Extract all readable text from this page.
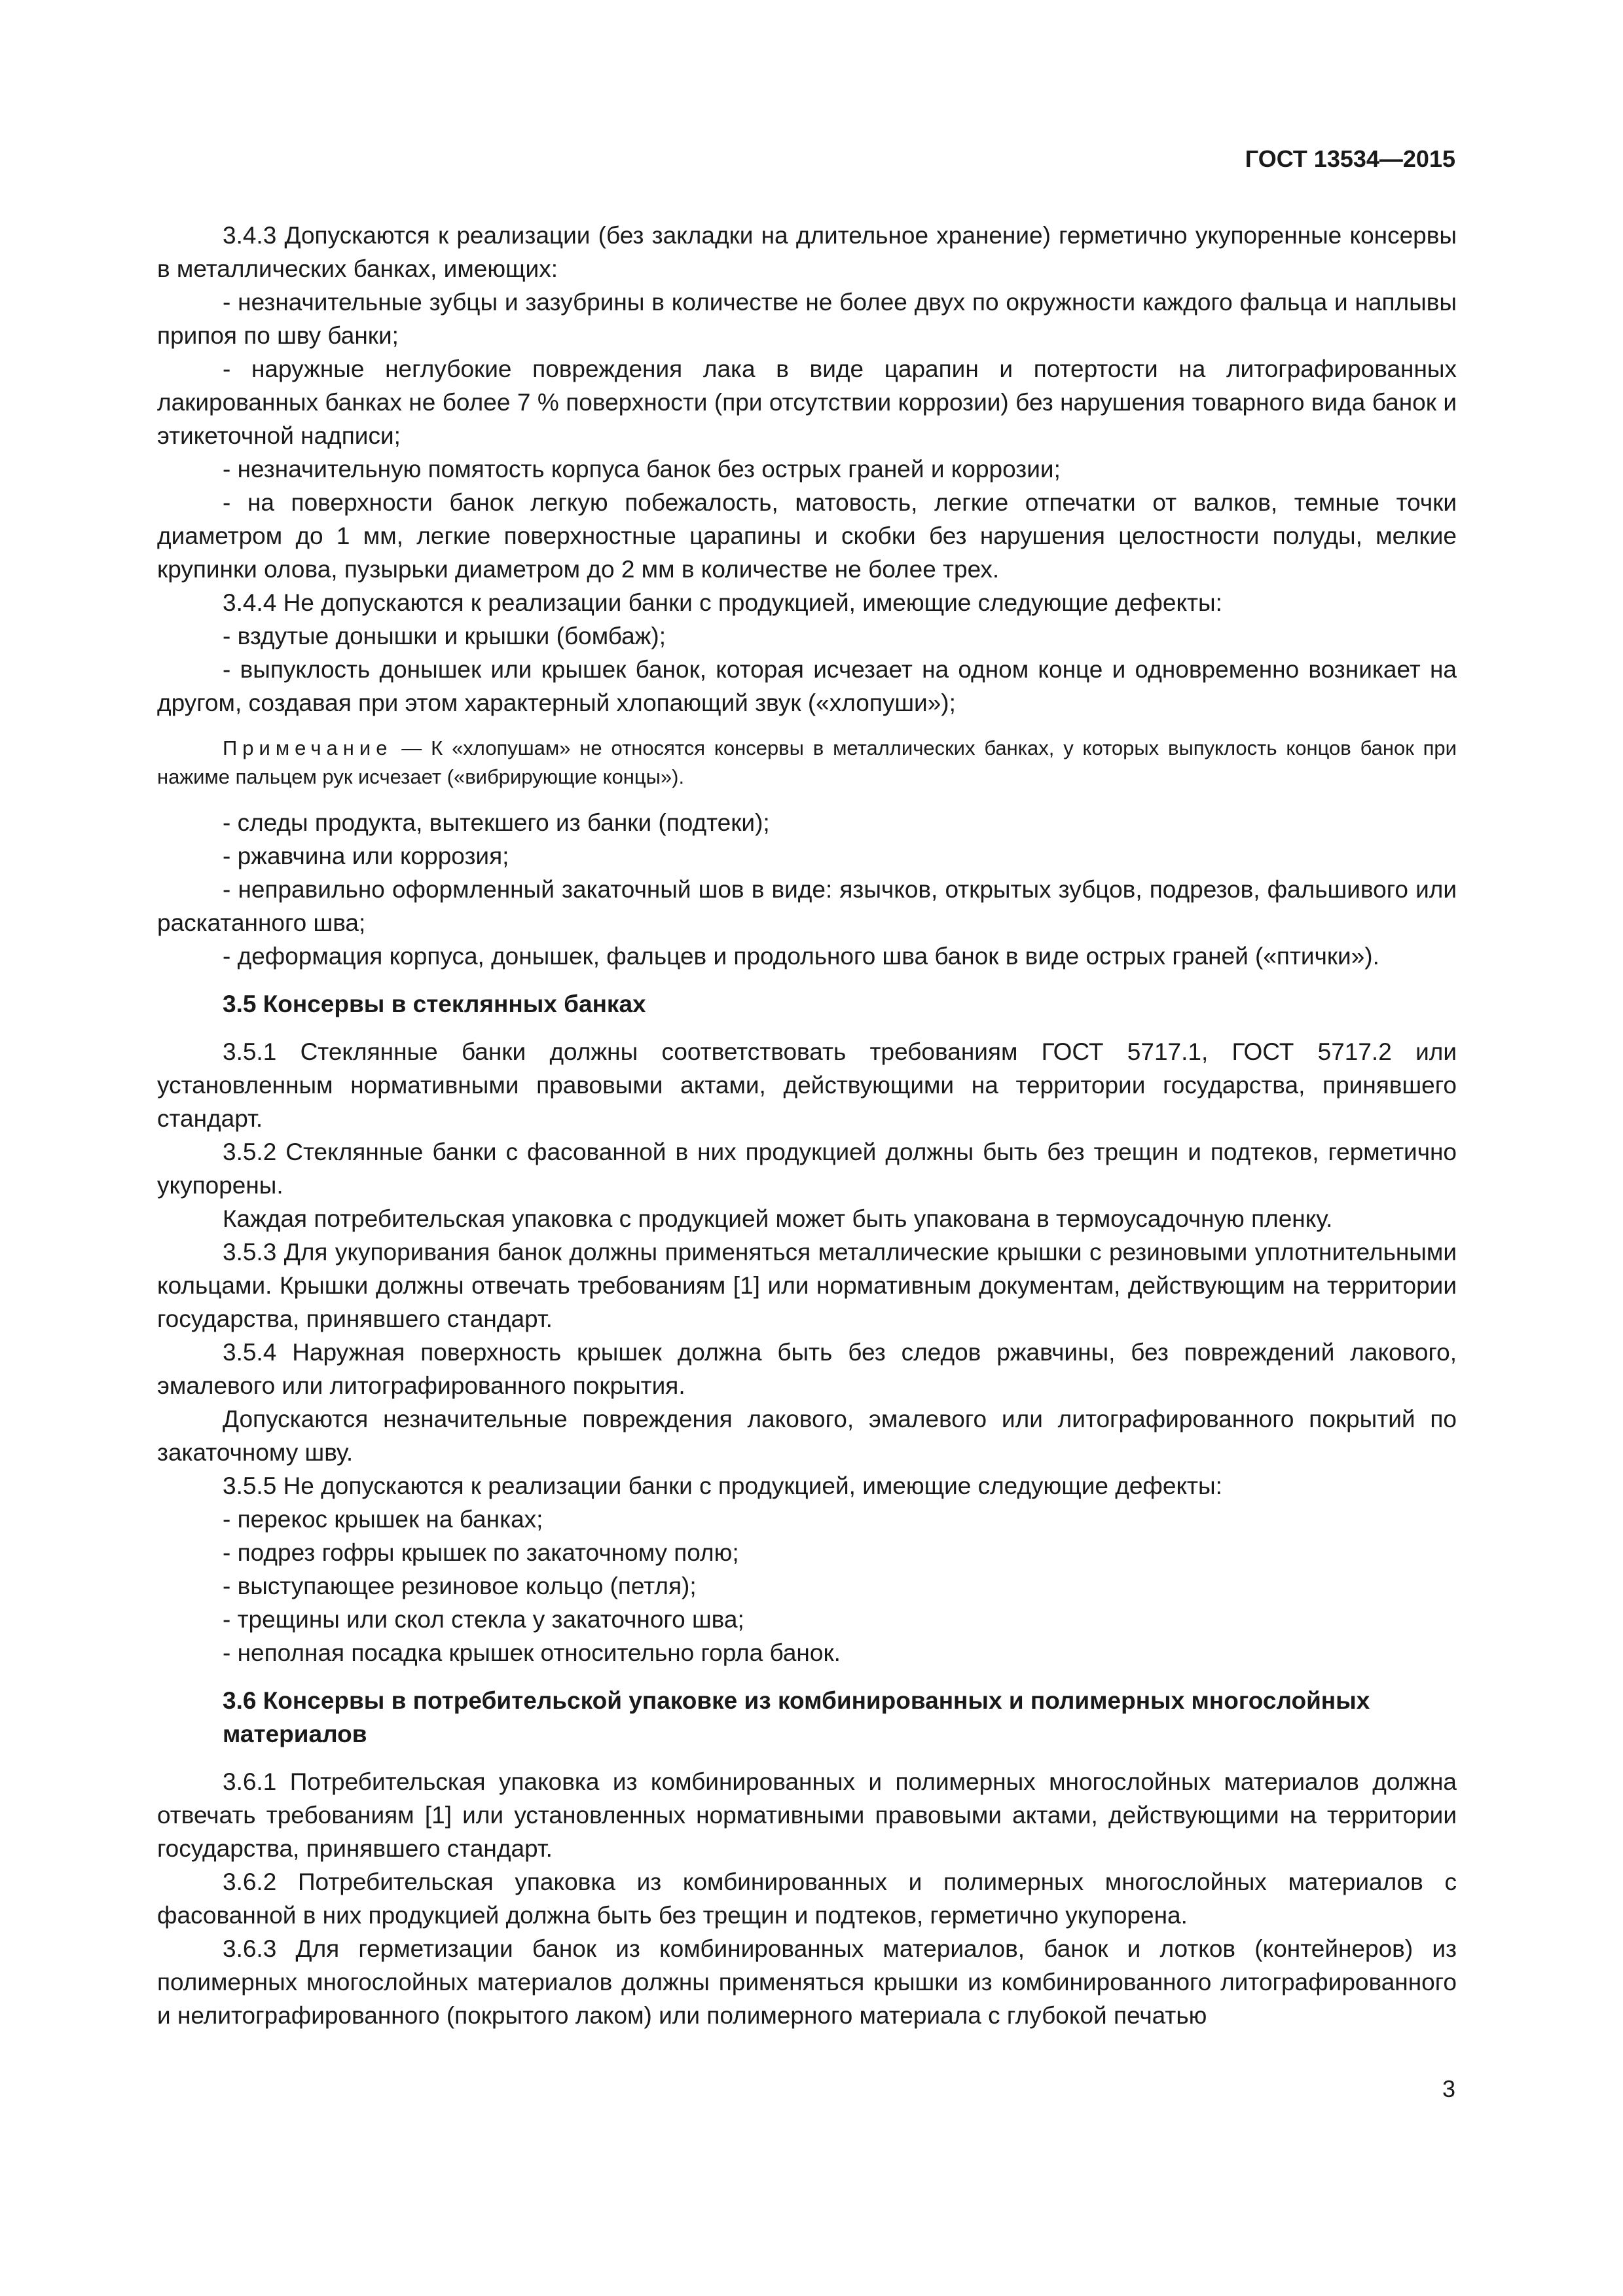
ГОСТ 13534—2015
3.4.3 Допускаются к реализации (без закладки на длительное хранение) герметично укупоренные консервы в металлических банках, имеющих:
- незначительные зубцы и зазубрины в количестве не более двух по окружности каждого фальца и наплывы припоя по шву банки;
- наружные неглубокие повреждения лака в виде царапин и потертости на литографированных лакированных банках не более 7 % поверхности (при отсутствии коррозии) без нарушения товарного вида банок и этикеточной надписи;
- незначительную помятость корпуса банок без острых граней и коррозии;
- на поверхности банок легкую побежалость, матовость, легкие отпечатки от валков, темные точки диаметром до 1 мм, легкие поверхностные царапины и скобки без нарушения целостности полуды, мелкие крупинки олова, пузырьки диаметром до 2 мм в количестве не более трех.
3.4.4 Не допускаются к реализации банки с продукцией, имеющие следующие дефекты:
- вздутые донышки и крышки (бомбаж);
- выпуклость донышек или крышек банок, которая исчезает на одном конце и одновременно возникает на другом, создавая при этом характерный хлопающий звук («хлопуши»);
Примечание — К «хлопушам» не относятся консервы в металлических банках, у которых выпуклость концов банок при нажиме пальцем рук исчезает («вибрирующие концы»).
- следы продукта, вытекшего из банки (подтеки);
- ржавчина или коррозия;
- неправильно оформленный закаточный шов в виде: язычков, открытых зубцов, подрезов, фальшивого или раскатанного шва;
- деформация корпуса, донышек, фальцев и продольного шва банок в виде острых граней («птички»).
3.5 Консервы в стеклянных банках
3.5.1 Стеклянные банки должны соответствовать требованиям ГОСТ 5717.1, ГОСТ 5717.2 или установленным нормативными правовыми актами, действующими на территории государства, принявшего стандарт.
3.5.2 Стеклянные банки с фасованной в них продукцией должны быть без трещин и подтеков, герметично укупорены.
Каждая потребительская упаковка с продукцией может быть упакована в термоусадочную пленку.
3.5.3 Для укупоривания банок должны применяться металлические крышки с резиновыми уплотнительными кольцами. Крышки должны отвечать требованиям [1] или нормативным документам, действующим на территории государства, принявшего стандарт.
3.5.4 Наружная поверхность крышек должна быть без следов ржавчины, без повреждений лакового, эмалевого или литографированного покрытия.
Допускаются незначительные повреждения лакового, эмалевого или литографированного покрытий по закаточному шву.
3.5.5 Не допускаются к реализации банки с продукцией, имеющие следующие дефекты:
- перекос крышек на банках;
- подрез гофры крышек по закаточному полю;
- выступающее резиновое кольцо (петля);
- трещины или скол стекла у закаточного шва;
- неполная посадка крышек относительно горла банок.
3.6 Консервы в потребительской упаковке из комбинированных и полимерных многослойных материалов
3.6.1 Потребительская упаковка из комбинированных и полимерных многослойных материалов должна отвечать требованиям [1] или установленных нормативными правовыми актами, действующими на территории государства, принявшего стандарт.
3.6.2 Потребительская упаковка из комбинированных и полимерных многослойных материалов с фасованной в них продукцией должна быть без трещин и подтеков, герметично укупорена.
3.6.3 Для герметизации банок из комбинированных материалов, банок и лотков (контейнеров) из полимерных многослойных материалов должны применяться крышки из комбинированного литографированного и нелитографированного (покрытого лаком) или полимерного материала с глубокой печатью
3
